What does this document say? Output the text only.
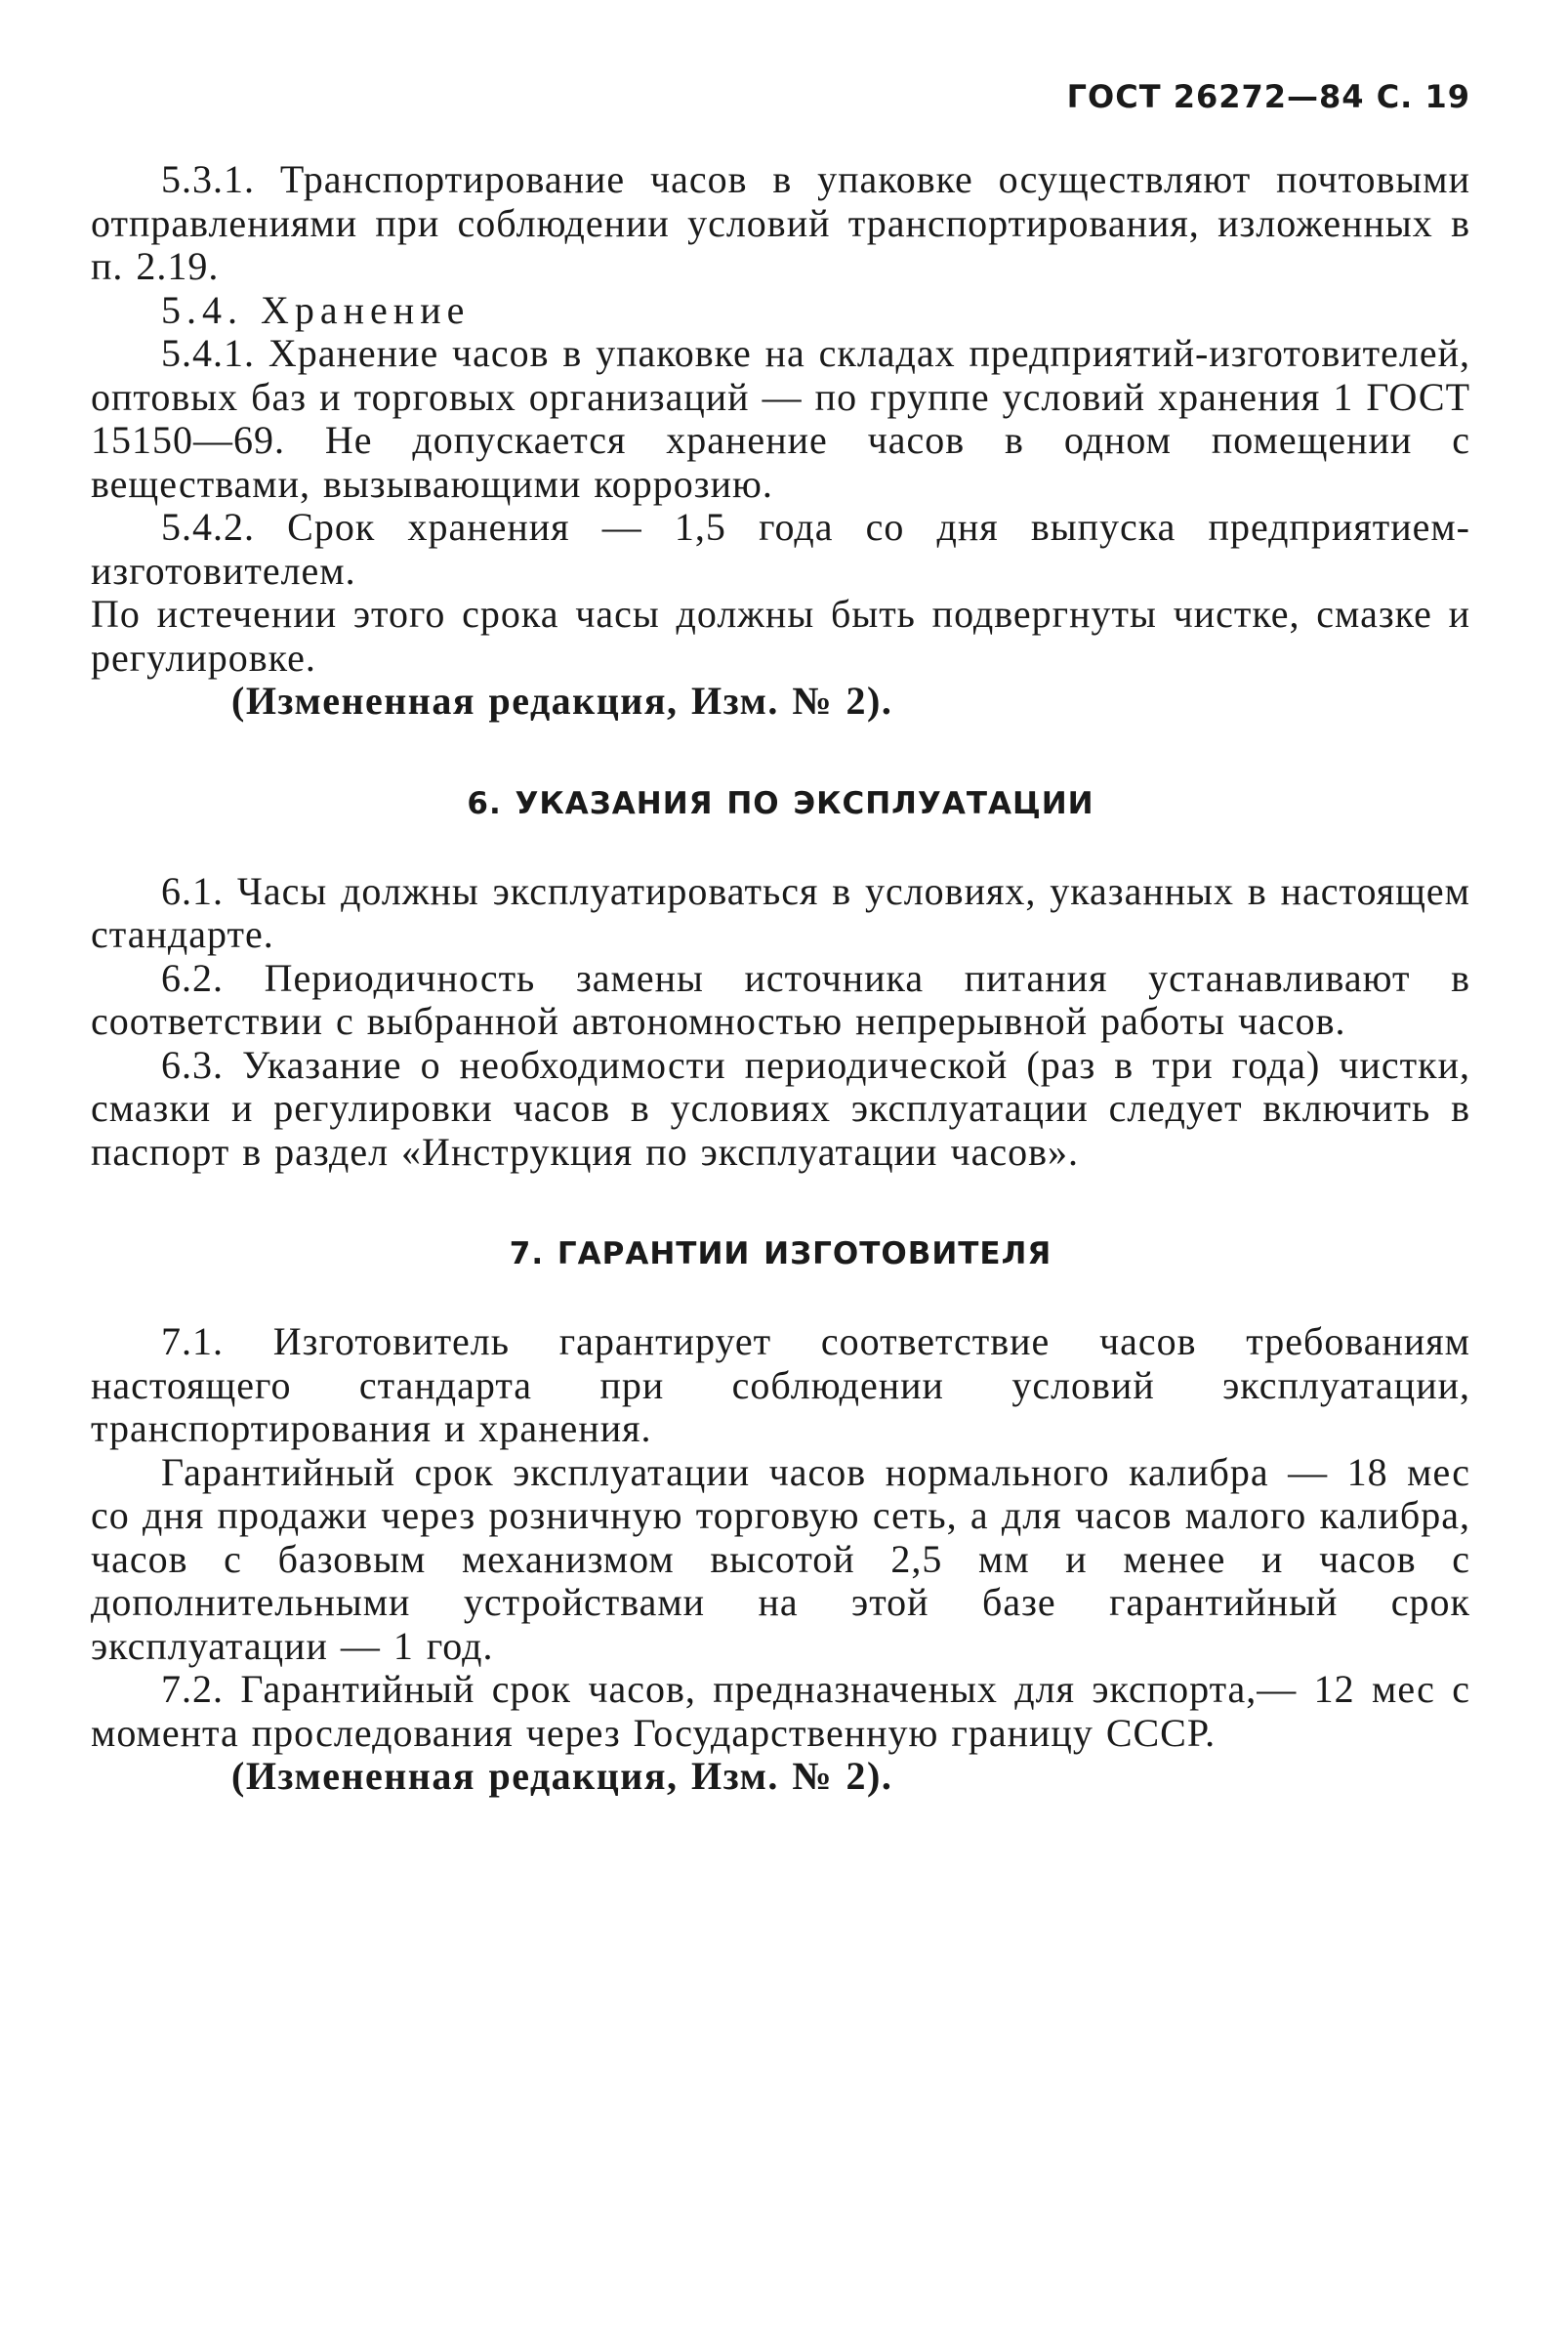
ГОСТ 26272—84 С. 19

5.3.1. Транспортирование часов в упаковке осуществляют почтовыми отправлениями при соблюдении условий транспортирования, изложенных в п. 2.19.

5.4. Хранение

5.4.1. Хранение часов в упаковке на складах предприятий-изготовителей, оптовых баз и торговых организаций — по группе условий хранения 1 ГОСТ 15150—69. Не допускается хранение часов в одном помещении с веществами, вызывающими коррозию.

5.4.2. Срок хранения — 1,5 года со дня выпуска предприятием-изготовителем.

По истечении этого срока часы должны быть подвергнуты чистке, смазке и регулировке.

(Измененная редакция, Изм. № 2).

6. УКАЗАНИЯ ПО ЭКСПЛУАТАЦИИ

6.1. Часы должны эксплуатироваться в условиях, указанных в настоящем стандарте.

6.2. Периодичность замены источника питания устанавливают в соответствии с выбранной автономностью непрерывной работы часов.

6.3. Указание о необходимости периодической (раз в три года) чистки, смазки и регулировки часов в условиях эксплуатации следует включить в паспорт в раздел «Инструкция по эксплуатации часов».

7. ГАРАНТИИ ИЗГОТОВИТЕЛЯ

7.1. Изготовитель гарантирует соответствие часов требованиям настоящего стандарта при соблюдении условий эксплуатации, транспортирования и хранения.

Гарантийный срок эксплуатации часов нормального калибра — 18 мес со дня продажи через розничную торговую сеть, а для часов малого калибра, часов с базовым механизмом высотой 2,5 мм и менее и часов с дополнительными устройствами на этой базе гарантийный срок эксплуатации — 1 год.

7.2. Гарантийный срок часов, предназначеных для экспорта,— 12 мес с момента проследования через Государственную границу СССР.

(Измененная редакция, Изм. № 2).
